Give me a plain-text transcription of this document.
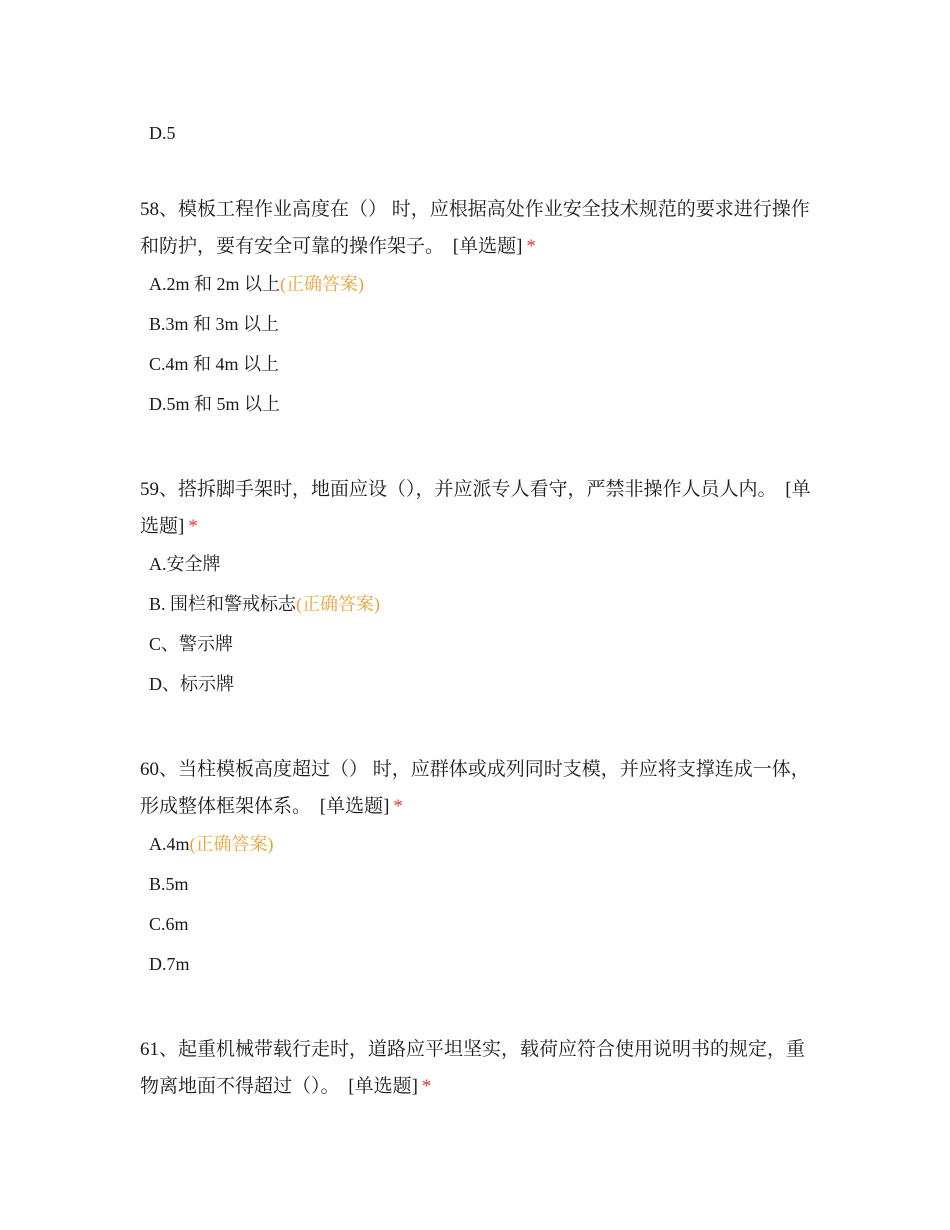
D.5

58、模板工程作业高度在（） 时，应根据高处作业安全技术规范的要求进行操作和防护，要有安全可靠的操作架子。 [单选题] *

A.2m 和 2m 以上(正确答案)
B.3m 和 3m 以上
C.4m 和 4m 以上
D.5m 和 5m 以上

59、搭拆脚手架时，地面应设（），并应派专人看守，严禁非操作人员人内。 [单选题] *

A.安全牌
B. 围栏和警戒标志(正确答案)
C、警示牌
D、标示牌

60、当柱模板高度超过（） 时，应群体或成列同时支模，并应将支撑连成一体，形成整体框架体系。 [单选题] *

A.4m(正确答案)
B.5m
C.6m
D.7m

61、起重机械带载行走时，道路应平坦坚实，载荷应符合使用说明书的规定，重物离地面不得超过（）。 [单选题] *
